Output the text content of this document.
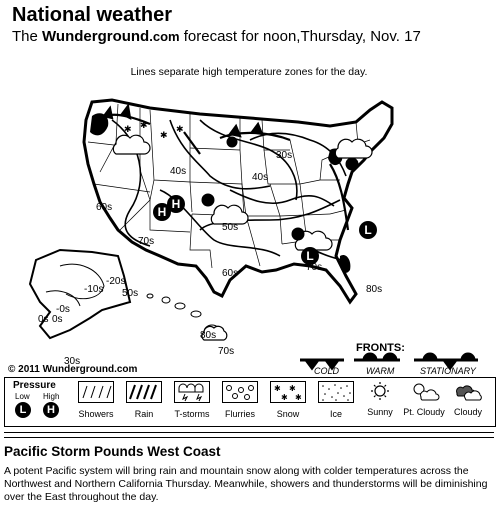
National weather
The Wunderground.com forecast for noon,Thursday, Nov. 17
Lines separate high temperature zones for the day.
✱
✱
✱
✱
H
H
L
L
40s
30s
40s
50s
60s
70s
60s
70s
80s
50s
-10s
-20s
0s 0s
-0s
30s
70s
80s
© 2011 Wunderground.com
FRONTS:
COLD	WARM	STATIONARY
Pressure
Low High
L	H	Showers	Rain	T-storms	Flurries
✱ ✱
✱ ✱
Snow	Ice	Sunny	Pt. Cloudy	Cloudy
Pacific Storm Pounds West Coast
A potent Pacific system will bring rain and mountain snow along with colder temperatures across the Northwest and Northern California Thursday. Meanwhile, showers and thunderstorms will be diminishing over the East throughout the day.
